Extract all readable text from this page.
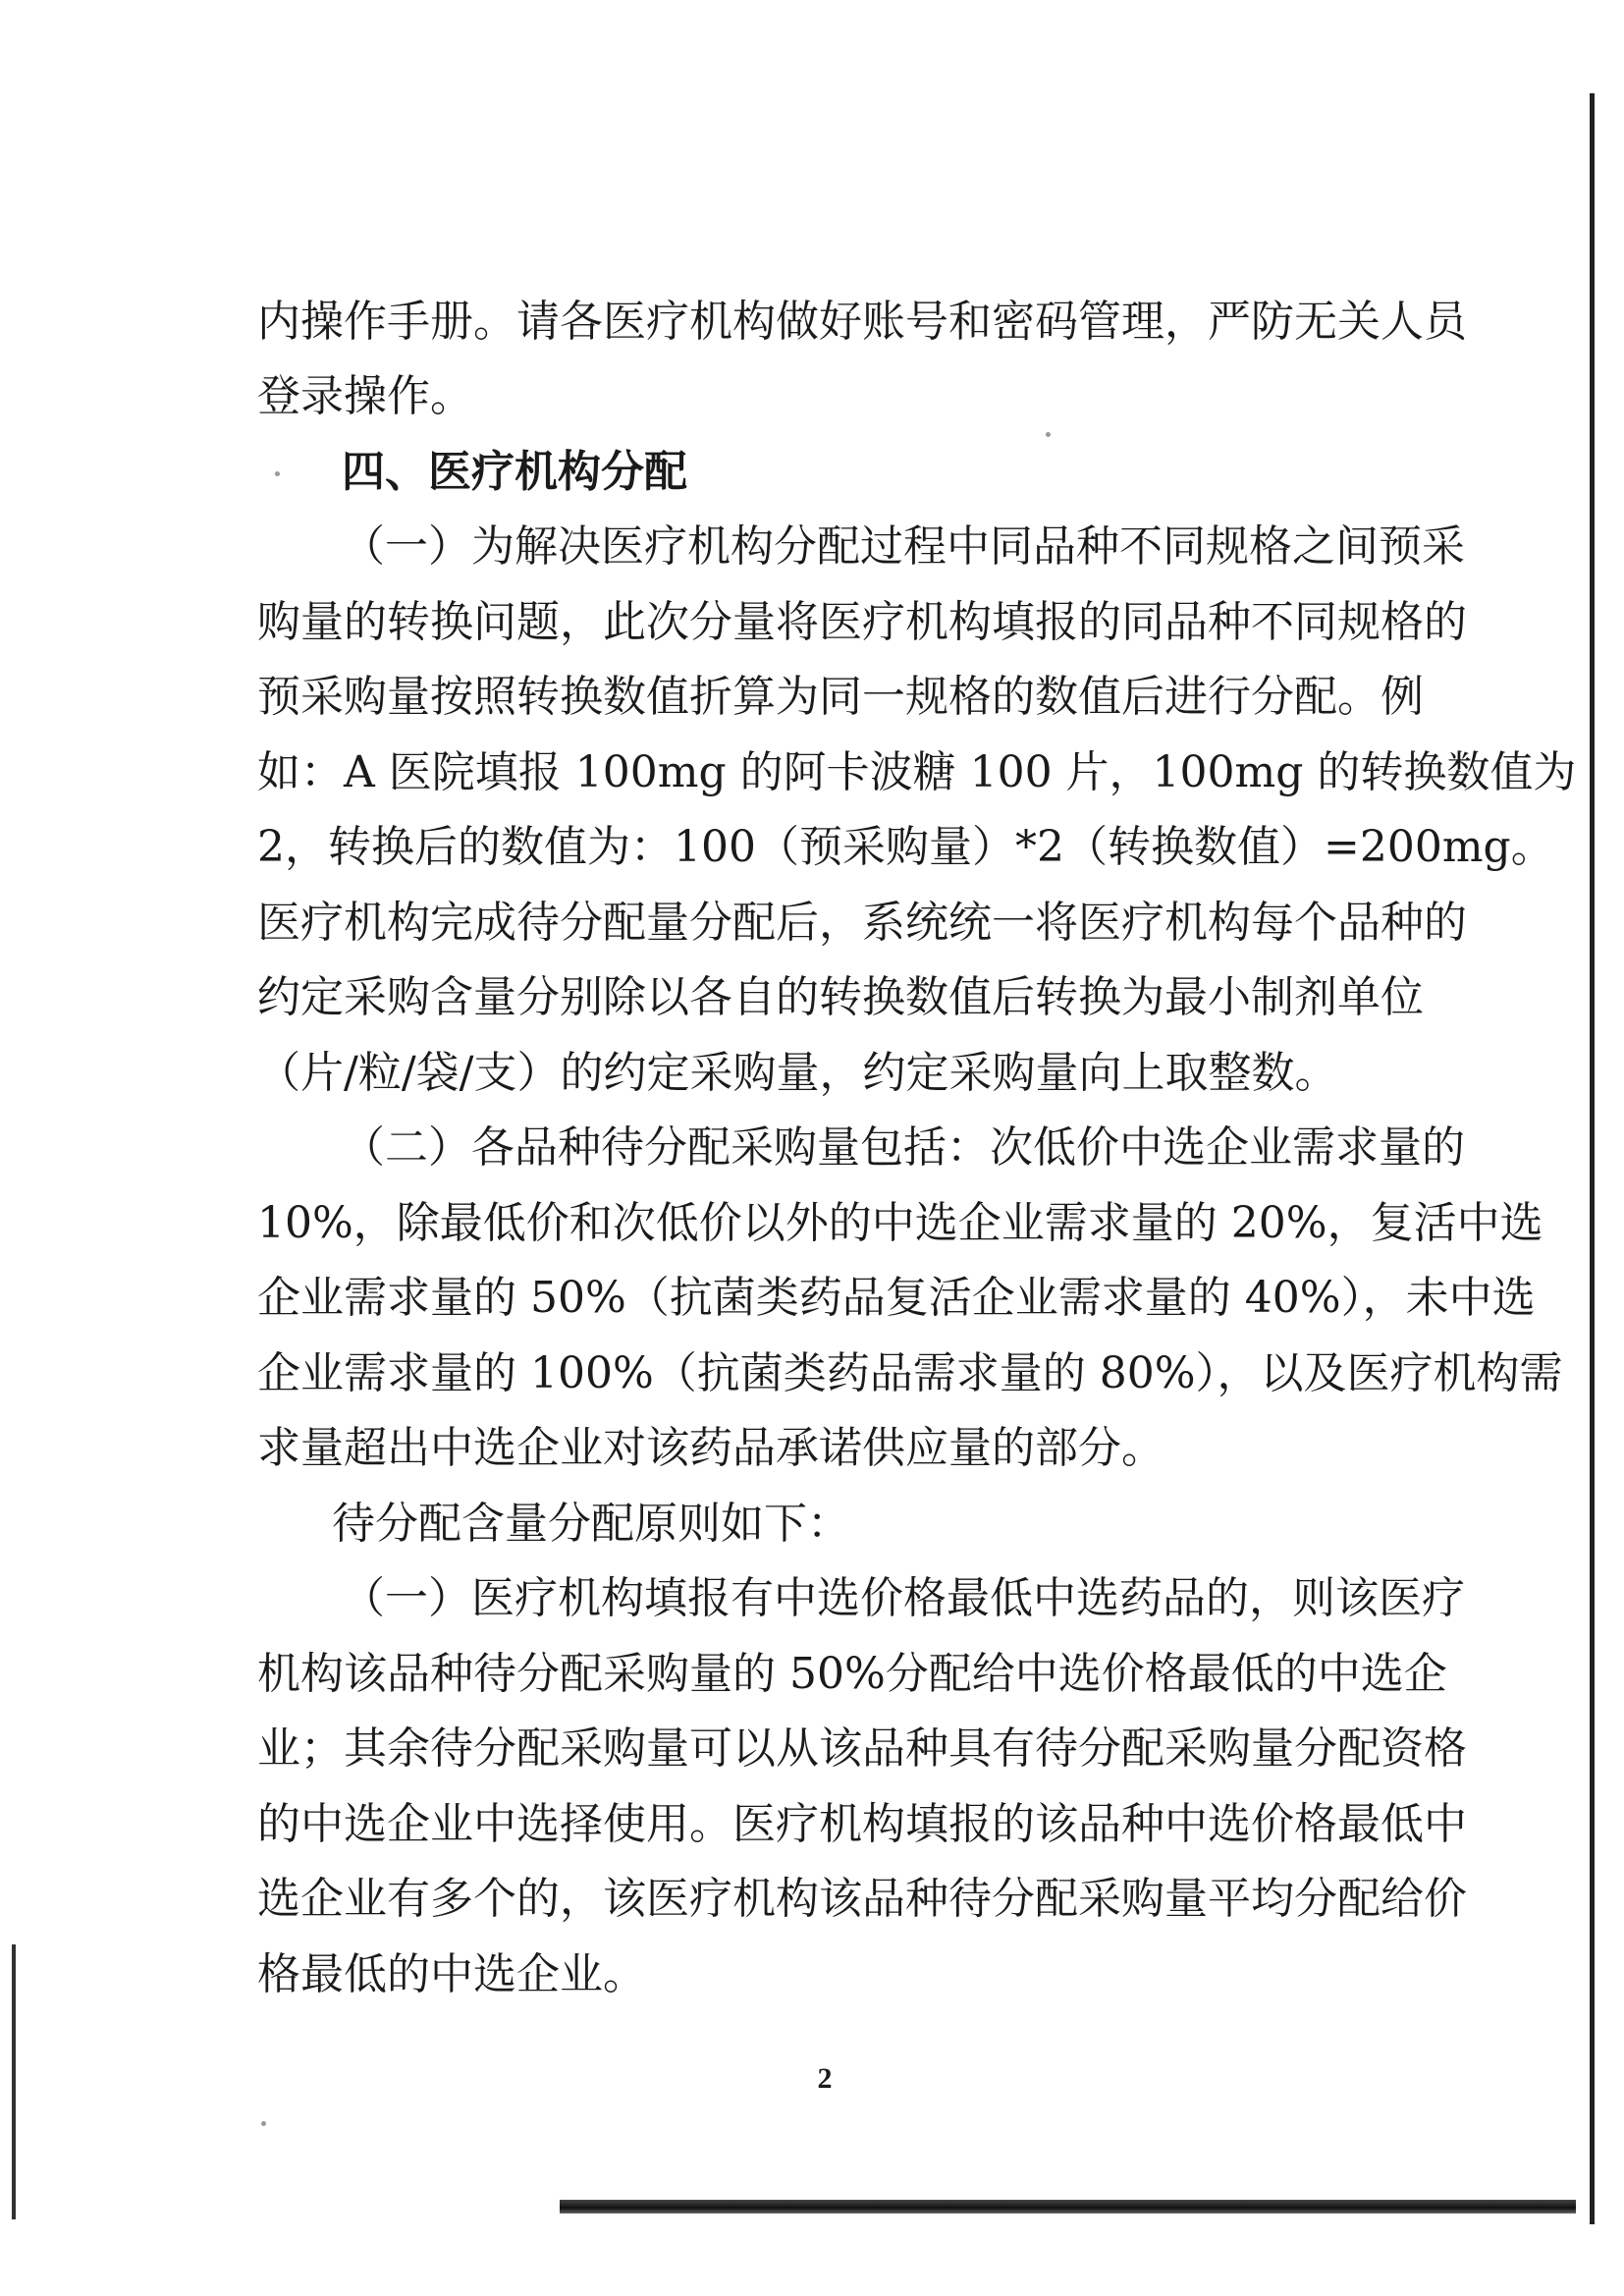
内操作手册。请各医疗机构做好账号和密码管理，严防无关人员
登录操作。
四、医疗机构分配
（一）为解决医疗机构分配过程中同品种不同规格之间预采
购量的转换问题，此次分量将医疗机构填报的同品种不同规格的
预采购量按照转换数值折算为同一规格的数值后进行分配。例
如：A 医院填报 100mg 的阿卡波糖 100 片，100mg 的转换数值为
2，转换后的数值为：100（预采购量）*2（转换数值）=200mg。
医疗机构完成待分配量分配后，系统统一将医疗机构每个品种的
约定采购含量分别除以各自的转换数值后转换为最小制剂单位
（片/粒/袋/支）的约定采购量，约定采购量向上取整数。
（二）各品种待分配采购量包括：次低价中选企业需求量的
10%，除最低价和次低价以外的中选企业需求量的 20%，复活中选
企业需求量的 50%（抗菌类药品复活企业需求量的 40%），未中选
企业需求量的 100%（抗菌类药品需求量的 80%），以及医疗机构需
求量超出中选企业对该药品承诺供应量的部分。
待分配含量分配原则如下：
（一）医疗机构填报有中选价格最低中选药品的，则该医疗
机构该品种待分配采购量的 50%分配给中选价格最低的中选企
业；其余待分配采购量可以从该品种具有待分配采购量分配资格
的中选企业中选择使用。医疗机构填报的该品种中选价格最低中
选企业有多个的，该医疗机构该品种待分配采购量平均分配给价
格最低的中选企业。
2
